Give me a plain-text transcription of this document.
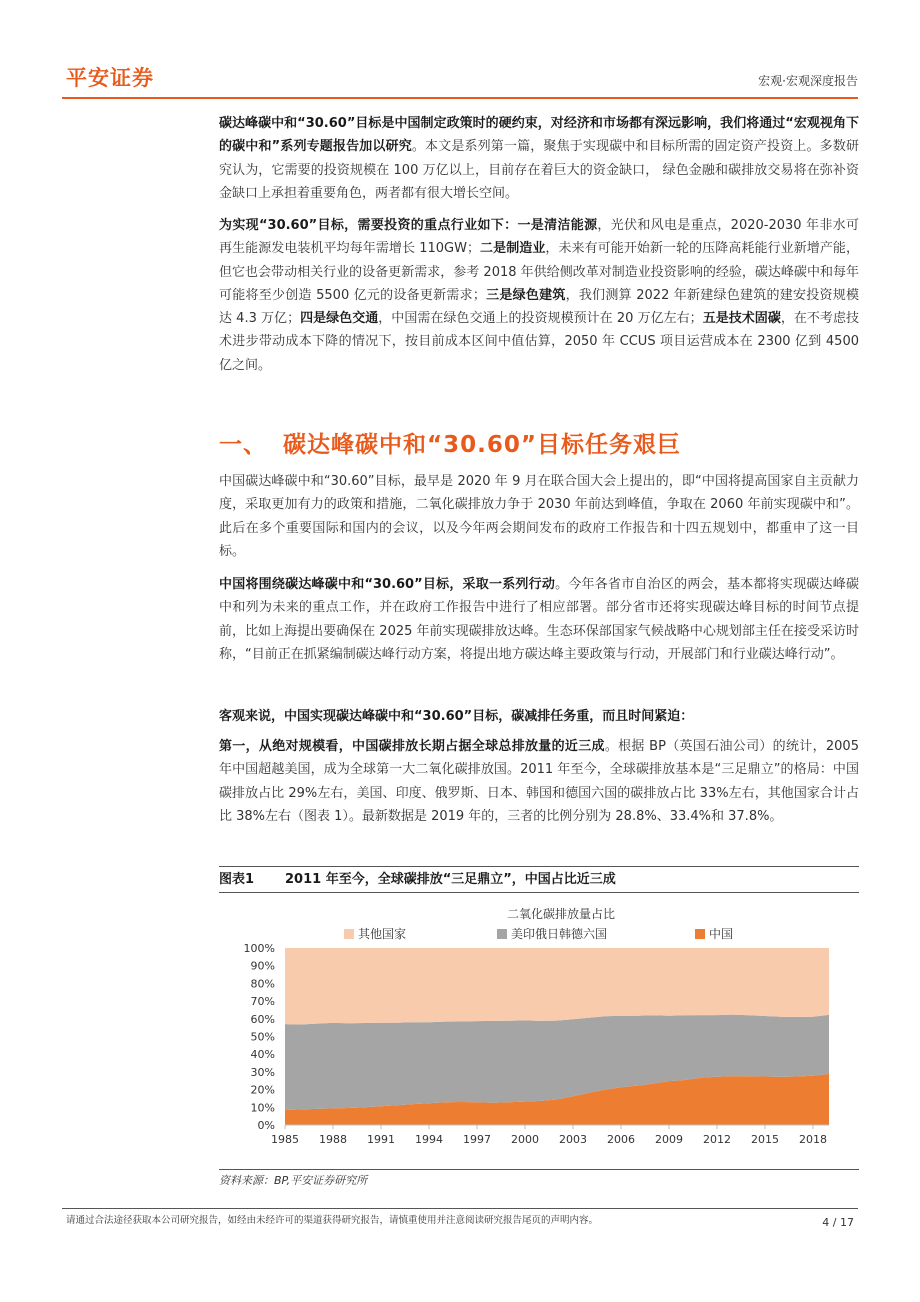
平安证券	宏观·宏观深度报告

碳达峰碳中和“30.60”目标是中国制定政策时的硬约束，对经济和市场都有深远影响，我们将通过“宏观视角下的碳中和”系列专题报告加以研究。本文是系列第一篇，聚焦于实现碳中和目标所需的固定资产投资上。多数研究认为，它需要的投资规模在 100 万亿以上，目前存在着巨大的资金缺口， 绿色金融和碳排放交易将在弥补资金缺口上承担着重要角色，两者都有很大增长空间。

为实现“30.60”目标，需要投资的重点行业如下：一是清洁能源，光伏和风电是重点，2020-2030 年非水可再生能源发电装机平均每年需增长 110GW；二是制造业，未来有可能开始新一轮的压降高耗能行业新增产能，但它也会带动相关行业的设备更新需求，参考 2018 年供给侧改革对制造业投资影响的经验，碳达峰碳中和每年可能将至少创造 5500 亿元的设备更新需求；三是绿色建筑，我们测算 2022 年新建绿色建筑的建安投资规模达 4.3 万亿；四是绿色交通，中国需在绿色交通上的投资规模预计在 20 万亿左右；五是技术固碳，在不考虑技术进步带动成本下降的情况下，按目前成本区间中值估算，2050 年 CCUS 项目运营成本在 2300 亿到 4500 亿之间。

一、 碳达峰碳中和“30.60”目标任务艰巨

中国碳达峰碳中和“30.60”目标，最早是 2020 年 9 月在联合国大会上提出的，即“中国将提高国家自主贡献力度，采取更加有力的政策和措施，二氧化碳排放力争于 2030 年前达到峰值，争取在 2060 年前实现碳中和”。此后在多个重要国际和国内的会议，以及今年两会期间发布的政府工作报告和十四五规划中，都重申了这一目标。

中国将围绕碳达峰碳中和“30.60”目标，采取一系列行动。今年各省市自治区的两会，基本都将实现碳达峰碳中和列为未来的重点工作，并在政府工作报告中进行了相应部署。部分省市还将实现碳达峰目标的时间节点提前，比如上海提出要确保在 2025 年前实现碳排放达峰。生态环保部国家气候战略中心规划部主任在接受采访时称，“目前正在抓紧编制碳达峰行动方案，将提出地方碳达峰主要政策与行动，开展部门和行业碳达峰行动”。

客观来说，中国实现碳达峰碳中和“30.60”目标，碳减排任务重，而且时间紧迫：

第一，从绝对规模看，中国碳排放长期占据全球总排放量的近三成。根据 BP（英国石油公司）的统计，2005 年中国超越美国，成为全球第一大二氧化碳排放国。2011 年至今，全球碳排放基本是“三足鼎立”的格局：中国碳排放占比 29%左右，美国、印度、俄罗斯、日本、韩国和德国六国的碳排放占比 33%左右，其他国家合计占比 38%左右（图表 1）。最新数据是 2019 年的，三者的比例分别为 28.8%、33.4%和 37.8%。

图表1 2011 年至今，全球碳排放“三足鼎立”，中国占比近三成
二氧化碳排放量占比
其他国家	美印俄日韩德六国	中国
0%
10%
20%
30%
40%
50%
60%
70%
80%
90%
100%
1985 1988 1991 1994 1997 2000 2003 2006 2009 2012 2015 2018
资料来源：BP,平安证券研究所
请通过合法途径获取本公司研究报告，如经由未经许可的渠道获得研究报告，请慎重使用并注意阅读研究报告尾页的声明内容。	4 / 17
